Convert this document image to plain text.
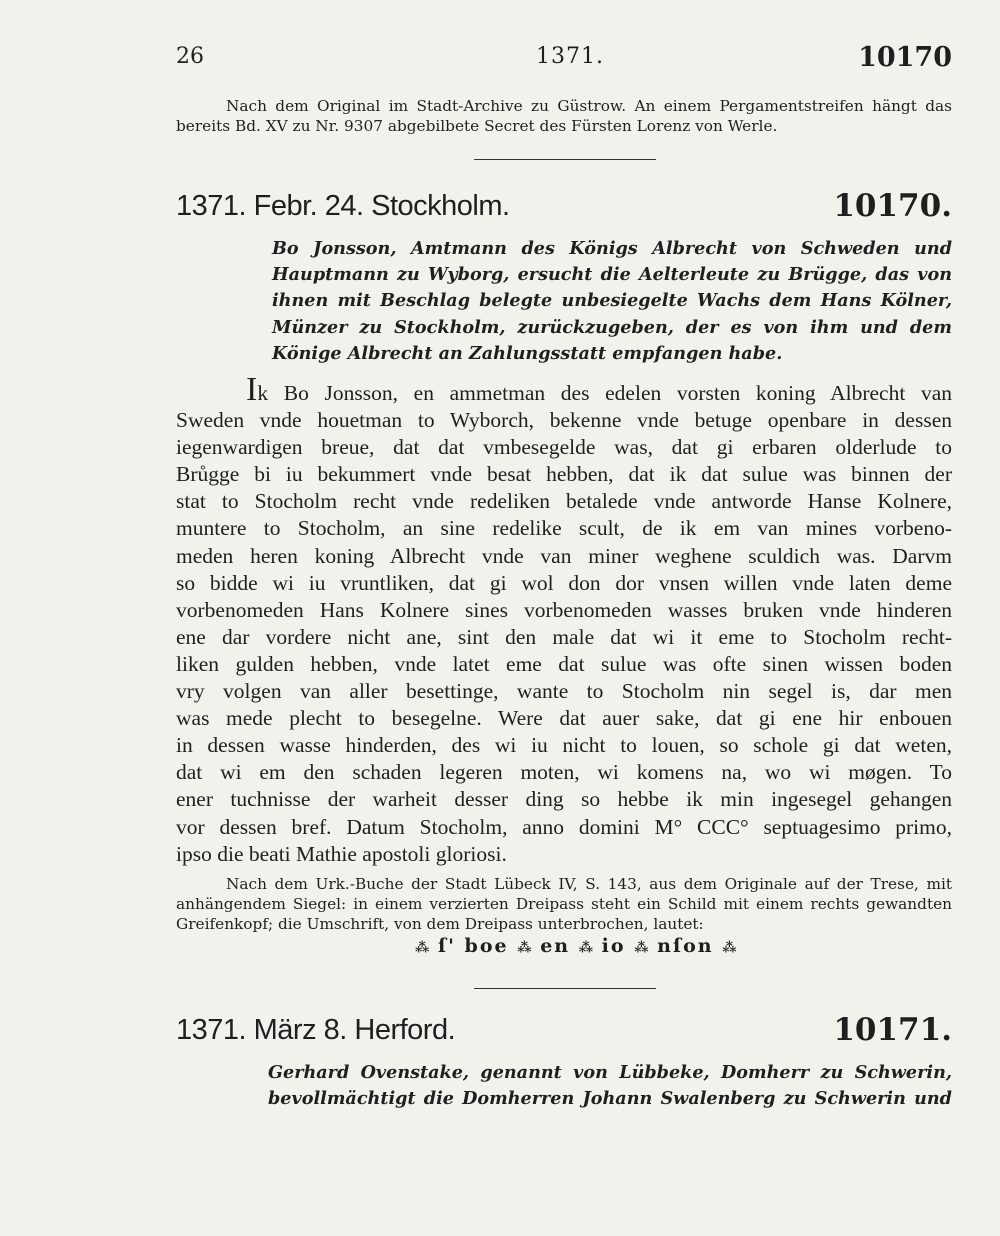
26	1371.	10170
Nach dem Original im Stadt-Archive zu Güstrow. An einem Pergamentstreifen hängt das bereits Bd. XV zu Nr. 9307 abgebilbete Secret des Fürsten Lorenz von Werle.
1371. Febr. 24. Stockholm.	10170.
Bo Jonsson, Amtmann des Königs Albrecht von Schweden und
Hauptmann zu Wyborg, ersucht die Aelterleute zu Brügge, das von
ihnen mit Beschlag belegte unbesiegelte Wachs dem Hans Kölner,
Münzer zu Stockholm, zurückzugeben, der es von ihm und dem
Könige Albrecht an Zahlungsstatt empfangen habe.
Ik Bo Jonsson, en ammetman des edelen vorsten koning Albrecht van
Sweden vnde houetman to Wyborch, bekenne vnde betuge openbare in dessen
iegenwardigen breue, dat dat vmbesegelde was, dat gi erbaren olderlude to
Brůgge bi iu bekummert vnde besat hebben, dat ik dat sulue was binnen der
stat to Stocholm recht vnde redeliken betalede vnde antworde Hanse Kolnere,
muntere to Stocholm, an sine redelike scult, de ik em van mines vorbeno-
meden heren koning Albrecht vnde van miner weghene sculdich was. Darvm
so bidde wi iu vruntliken, dat gi wol don dor vnsen willen vnde laten deme
vorbenomeden Hans Kolnere sines vorbenomeden wasses bruken vnde hinderen
ene dar vordere nicht ane, sint den male dat wi it eme to Stocholm recht-
liken gulden hebben, vnde latet eme dat sulue was ofte sinen wissen boden
vry volgen van aller besettinge, wante to Stocholm nin segel is, dar men
was mede plecht to besegelne. Were dat auer sake, dat gi ene hir enbouen
in dessen wasse hinderden, des wi iu nicht to louen, so schole gi dat weten,
dat wi em den schaden legeren moten, wi komens na, wo wi møgen. To
ener tuchnisse der warheit desser ding so hebbe ik min ingesegel gehangen
vor dessen bref. Datum Stocholm, anno domini M° CCC° septuagesimo primo,
ipso die beati Mathie apostoli gloriosi.
Nach dem Urk.-Buche der Stadt Lübeck IV, S. 143, aus dem Originale auf der Trese, mit anhängendem Siegel: in einem verzierten Dreipass steht ein Schild mit einem rechts gewandten Greifenkopf; die Umschrift, von dem Dreipass unterbrochen, lautet:
⁂ ſ' boe ⁂ en ⁂ io ⁂ nſon ⁂
1371. März 8. Herford.	10171.
Gerhard Ovenstake, genannt von Lübbeke, Domherr zu Schwerin,
bevollmächtigt die Domherren Johann Swalenberg zu Schwerin und
